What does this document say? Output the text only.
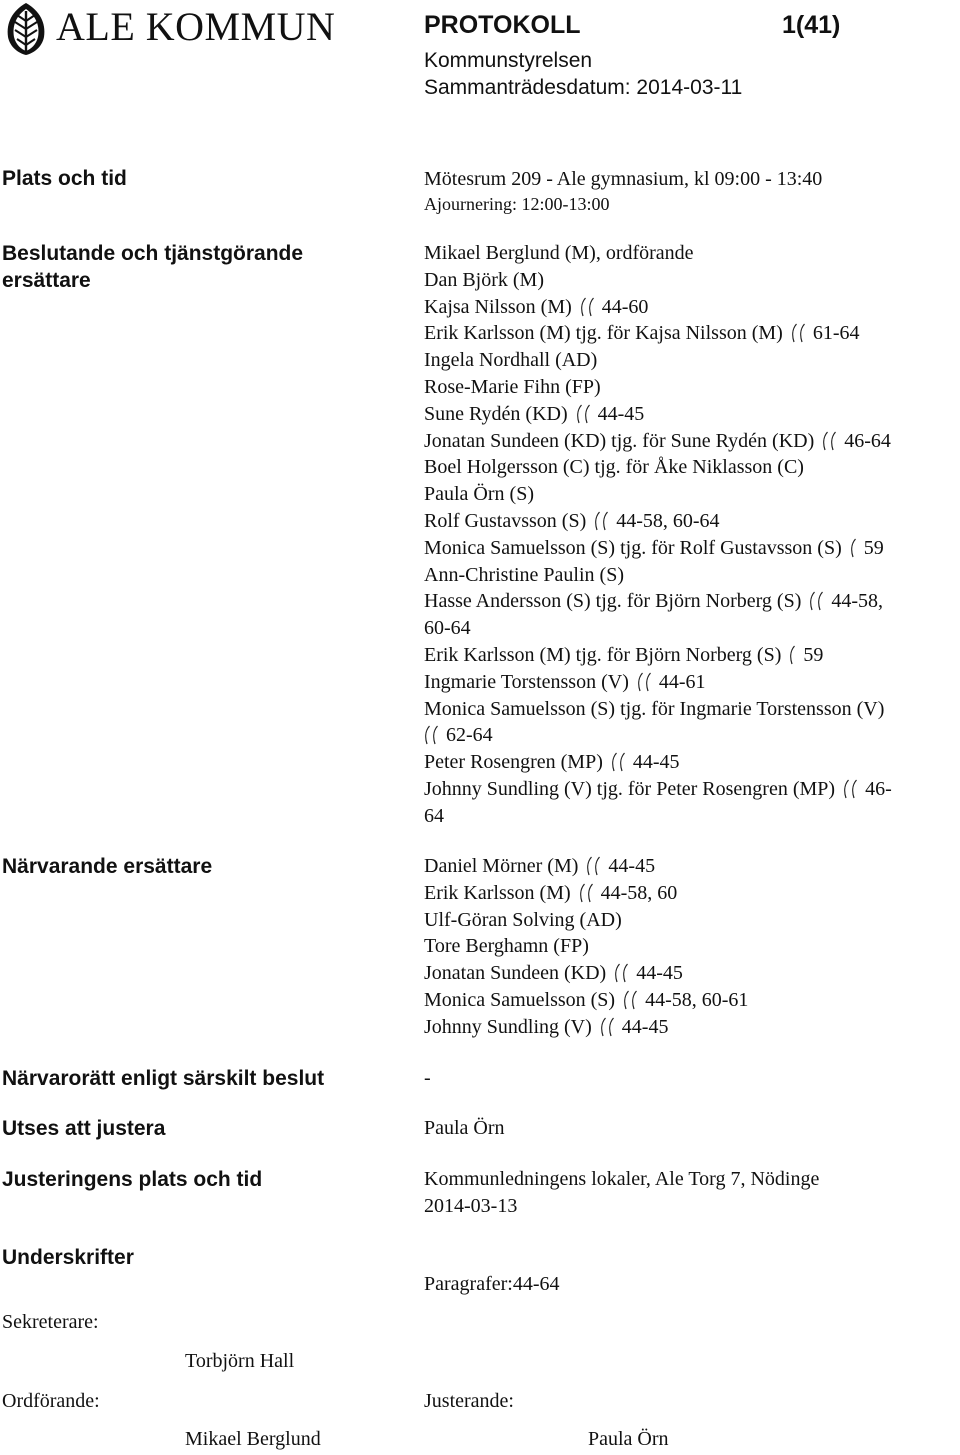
ALE KOMMUN	PROTOKOLL	1(41)
Kommunstyrelsen
Sammanträdesdatum: 2014-03-11
Plats och tid	Mötesrum 209 - Ale gymnasium, kl 09:00 - 13:40
Ajournering: 12:00-13:00
Beslutande och tjänstgörande
ersättare
Mikael Berglund (M), ordförande
Dan Björk (M)
Kajsa Nilsson (M) 44-60
Erik Karlsson (M) tjg. för Kajsa Nilsson (M) 61-64
Ingela Nordhall (AD)
Rose-Marie Fihn (FP)
Sune Rydén (KD) 44-45
Jonatan Sundeen (KD) tjg. för Sune Rydén (KD) 46-64
Boel Holgersson (C) tjg. för Åke Niklasson (C)
Paula Örn (S)
Rolf Gustavsson (S) 44-58, 60-64
Monica Samuelsson (S) tjg. för Rolf Gustavsson (S) 59
Ann-Christine Paulin (S)
Hasse Andersson (S) tjg. för Björn Norberg (S) 44-58,
60-64
Erik Karlsson (M) tjg. för Björn Norberg (S) 59
Ingmarie Torstensson (V) 44-61
Monica Samuelsson (S) tjg. för Ingmarie Torstensson (V)
62-64
Peter Rosengren (MP) 44-45
Johnny Sundling (V) tjg. för Peter Rosengren (MP) 46-
64
Närvarande ersättare	Daniel Mörner (M) 44-45
Erik Karlsson (M) 44-58, 60
Ulf-Göran Solving (AD)
Tore Berghamn (FP)
Jonatan Sundeen (KD) 44-45
Monica Samuelsson (S) 44-58, 60-61
Johnny Sundling (V) 44-45
Närvarorätt enligt särskilt beslut	-
Utses att justera	Paula Örn
Justeringens plats och tid	Kommunledningens lokaler, Ale Torg 7, Nödinge
2014-03-13
Underskrifter
Paragrafer:44-64
Sekreterare:
Torbjörn Hall
Ordförande:
Mikael Berglund
Justerande:
Paula Örn
